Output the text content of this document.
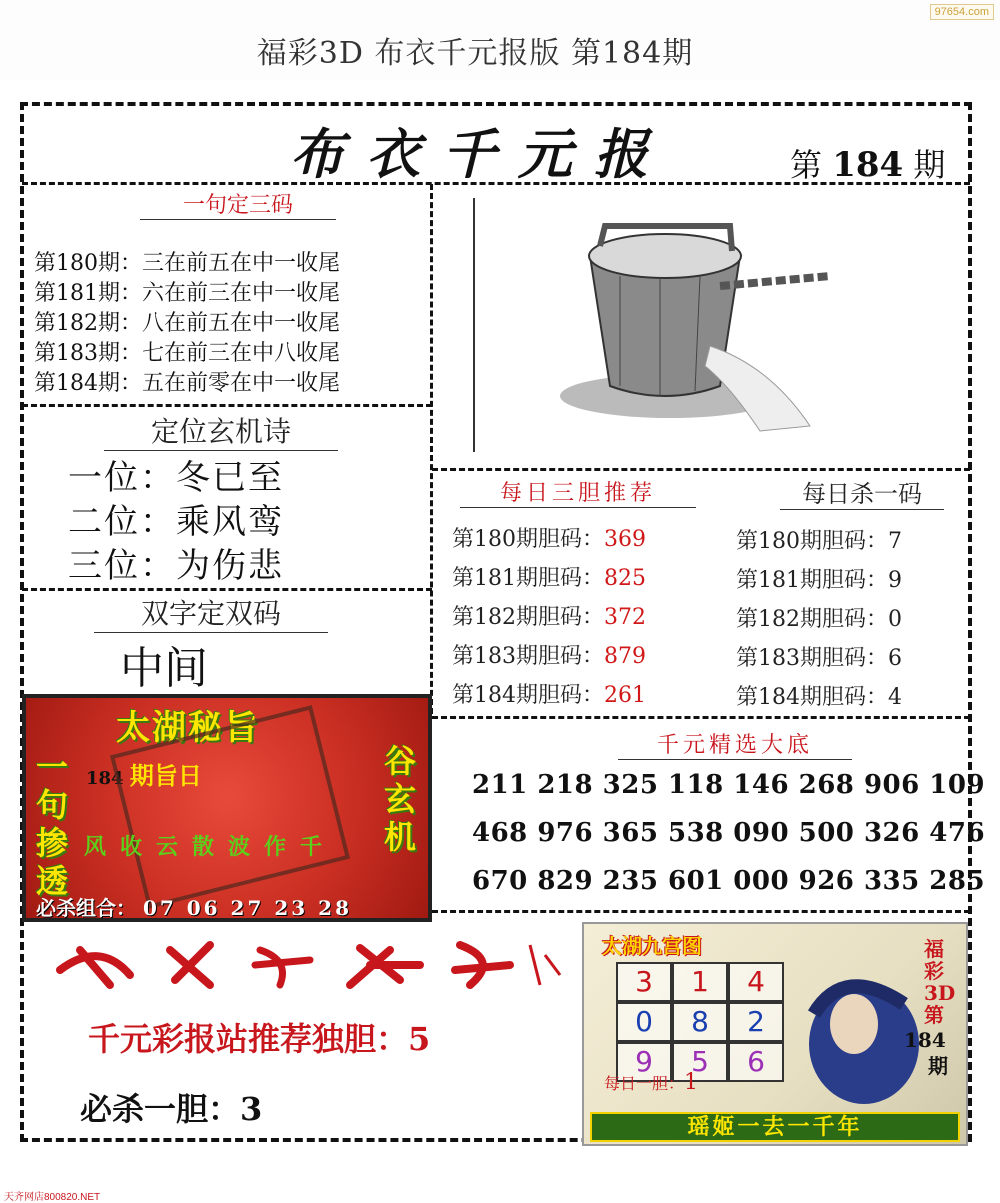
福彩3D 布衣千元报版 第184期
97654.com
布衣千元报	第 184 期
一句定三码
第180期：三在前五在中一收尾
第181期：六在前三在中一收尾
第182期：八在前五在中一收尾
第183期：七在前三在中八收尾
第184期：五在前零在中一收尾
定位玄机诗
一位：冬已至
二位：乘风鸾
三位：为伤悲
双字定双码
中间
每日三胆推荐
第180期胆码：369
第181期胆码：825
第182期胆码：372
第183期胆码：879
第184期胆码：261
每日杀一码
第180期胆码：7
第181期胆码：9
第182期胆码：0
第183期胆码：6
第184期胆码：4
千元精选大底
211 218 325 118 146 268 906 109
468 976 365 538 090 500 326 476
670 829 235 601 000 926 335 285
太湖秘旨
184 期旨日
一句掺透
谷玄机
风收云散波作千
必杀组合： 07 06 27 23 28
千元彩报站推荐独胆：5
必杀一胆：3
太湖九宫图
3	1	4
0	8	2
9	5	6
福彩3D第
184
期
每日一胆：1
瑶姬一去一千年
天齐网店800820.NET
